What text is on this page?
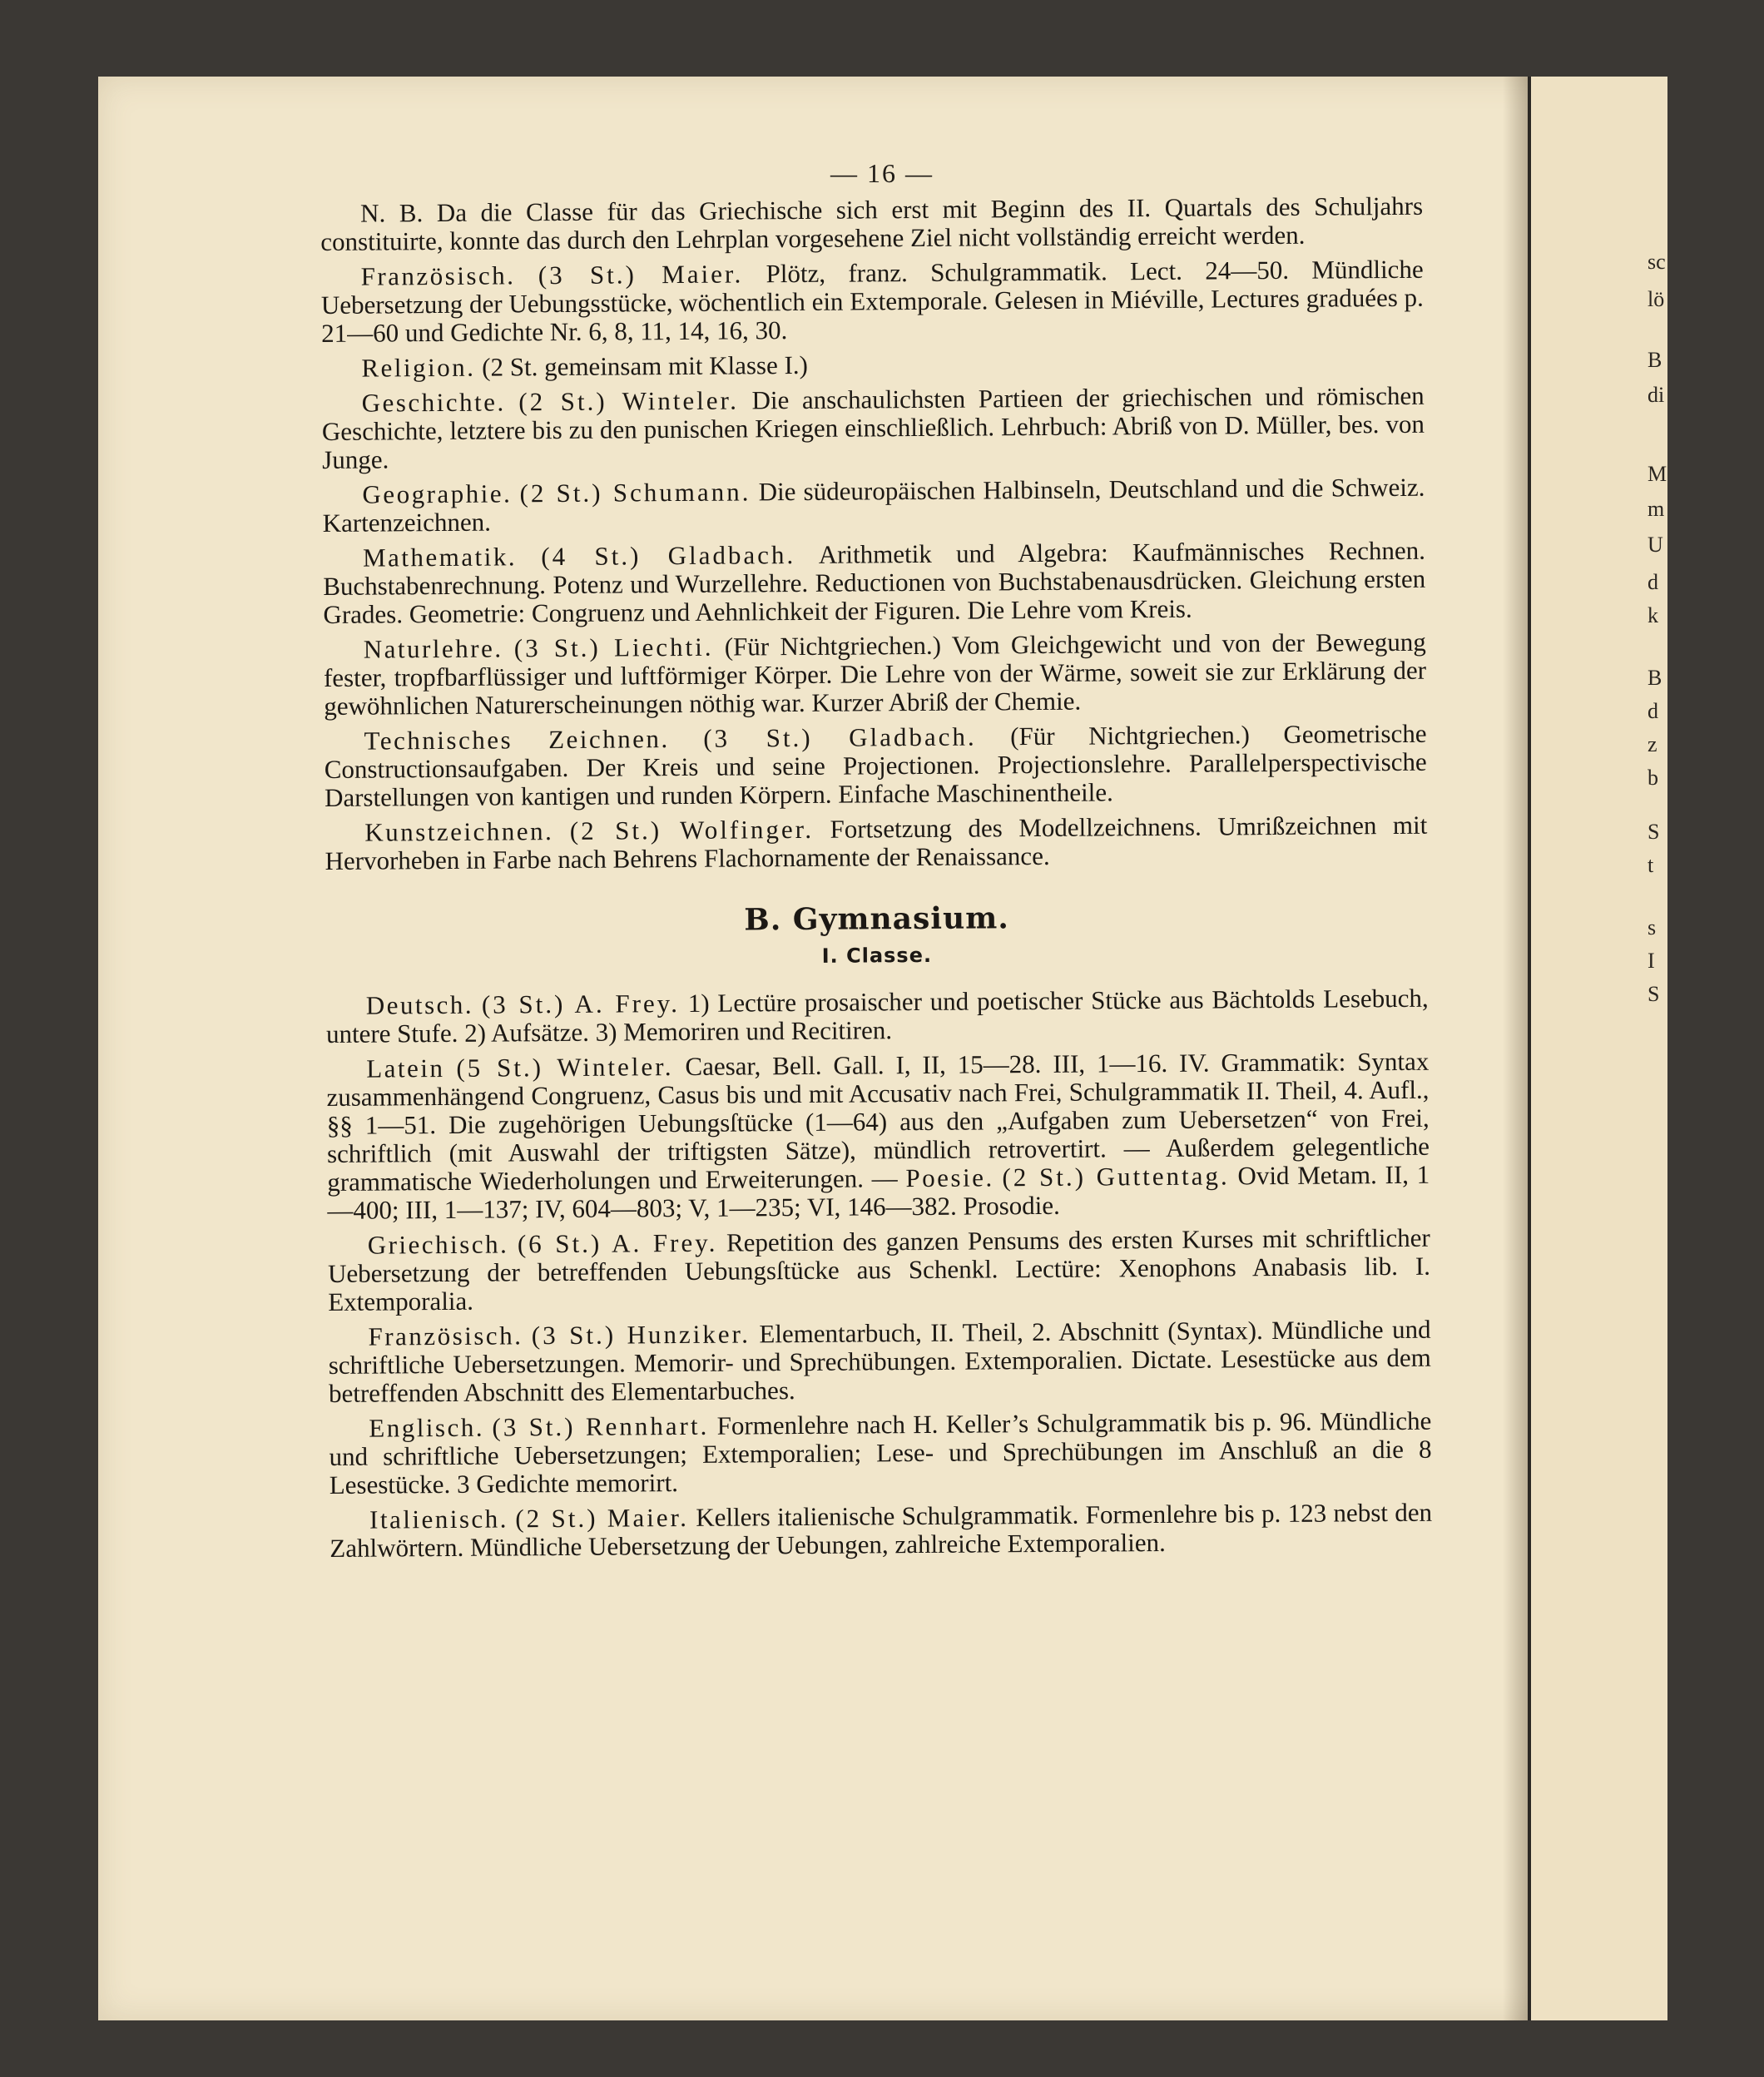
sc
lö
B
di
M
m
U
d
k
B
d
z
b
S
t
s
I
S
— 16 —

N. B. Da die Classe für das Griechische sich erst mit Beginn des II. Quartals des Schuljahrs constituirte, konnte das durch den Lehrplan vorgesehene Ziel nicht vollständig erreicht werden.

Französisch. (3 St.) Maier. Plötz, franz. Schulgrammatik. Lect. 24—50. Mündliche Uebersetzung der Uebungsstücke, wöchentlich ein Extemporale. Gelesen in Miéville, Lectures graduées p. 21—60 und Gedichte Nr. 6, 8, 11, 14, 16, 30.

Religion. (2 St. gemeinsam mit Klasse I.)

Geschichte. (2 St.) Winteler. Die anschaulichsten Partieen der griechischen und römischen Geschichte, letztere bis zu den punischen Kriegen einschließlich. Lehrbuch: Abriß von D. Müller, bes. von Junge.

Geographie. (2 St.) Schumann. Die südeuropäischen Halbinseln, Deutschland und die Schweiz. Kartenzeichnen.

Mathematik. (4 St.) Gladbach. Arithmetik und Algebra: Kaufmännisches Rechnen. Buchstabenrechnung. Potenz und Wurzellehre. Reductionen von Buchstabenausdrücken. Gleichung ersten Grades. Geometrie: Congruenz und Aehnlichkeit der Figuren. Die Lehre vom Kreis.

Naturlehre. (3 St.) Liechti. (Für Nichtgriechen.) Vom Gleichgewicht und von der Bewegung fester, tropfbarflüssiger und luftförmiger Körper. Die Lehre von der Wärme, soweit sie zur Erklärung der gewöhnlichen Naturerscheinungen nöthig war. Kurzer Abriß der Chemie.

Technisches Zeichnen. (3 St.) Gladbach. (Für Nichtgriechen.) Geometrische Constructionsaufgaben. Der Kreis und seine Projectionen. Projectionslehre. Parallelperspectivische Darstellungen von kantigen und runden Körpern. Einfache Maschinentheile.

Kunstzeichnen. (2 St.) Wolfinger. Fortsetzung des Modellzeichnens. Umrißzeichnen mit Hervorheben in Farbe nach Behrens Flachornamente der Renaissance.

B. Gymnasium.
I. Classe.

Deutsch. (3 St.) A. Frey. 1) Lectüre prosaischer und poetischer Stücke aus Bächtolds Lesebuch, untere Stufe. 2) Aufsätze. 3) Memoriren und Recitiren.

Latein (5 St.) Winteler. Caesar, Bell. Gall. I, II, 15—28. III, 1—16. IV. Grammatik: Syntax zusammenhängend Congruenz, Casus bis und mit Accusativ nach Frei, Schulgrammatik II. Theil, 4. Aufl., §§ 1—51. Die zugehörigen Uebungsſtücke (1—64) aus den „Aufgaben zum Uebersetzen“ von Frei, schriftlich (mit Auswahl der triftigsten Sätze), mündlich retrovertirt. — Außerdem gelegentliche grammatische Wiederholungen und Erweiterungen. — Poesie. (2 St.) Guttentag. Ovid Metam. II, 1—400; III, 1—137; IV, 604—803; V, 1—235; VI, 146—382. Prosodie.

Griechisch. (6 St.) A. Frey. Repetition des ganzen Pensums des ersten Kurses mit schriftlicher Uebersetzung der betreffenden Uebungsſtücke aus Schenkl. Lectüre: Xenophons Anabasis lib. I. Extemporalia.

Französisch. (3 St.) Hunziker. Elementarbuch, II. Theil, 2. Abschnitt (Syntax). Mündliche und schriftliche Uebersetzungen. Memorir- und Sprechübungen. Extemporalien. Dictate. Lesestücke aus dem betreffenden Abschnitt des Elementarbuches.

Englisch. (3 St.) Rennhart. Formenlehre nach H. Keller’s Schulgrammatik bis p. 96. Mündliche und schriftliche Uebersetzungen; Extemporalien; Lese- und Sprechübungen im Anschluß an die 8 Lesestücke. 3 Gedichte memorirt.

Italienisch. (2 St.) Maier. Kellers italienische Schulgrammatik. Formenlehre bis p. 123 nebst den Zahlwörtern. Mündliche Uebersetzung der Uebungen, zahlreiche Extemporalien.
